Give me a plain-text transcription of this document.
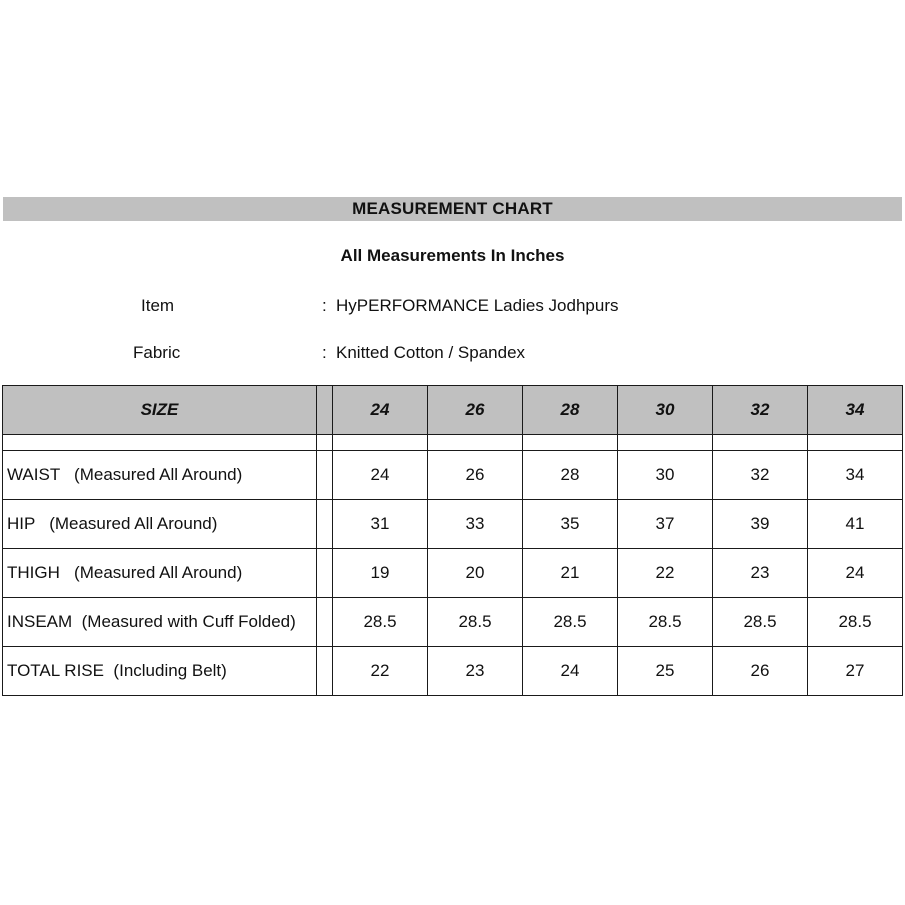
MEASUREMENT CHART
All Measurements In Inches
Item	: HyPERFORMANCE Ladies Jodhpurs
Fabric	: Knitted Cotton / Spandex
SIZE		24	26	28	30	32	34

WAIST   (Measured All Around)		24	26	28	30	32	34
HIP   (Measured All Around)		31	33	35	37	39	41
THIGH   (Measured All Around)		19	20	21	22	23	24
INSEAM  (Measured with Cuff Folded)		28.5	28.5	28.5	28.5	28.5	28.5
TOTAL RISE  (Including Belt)		22	23	24	25	26	27
